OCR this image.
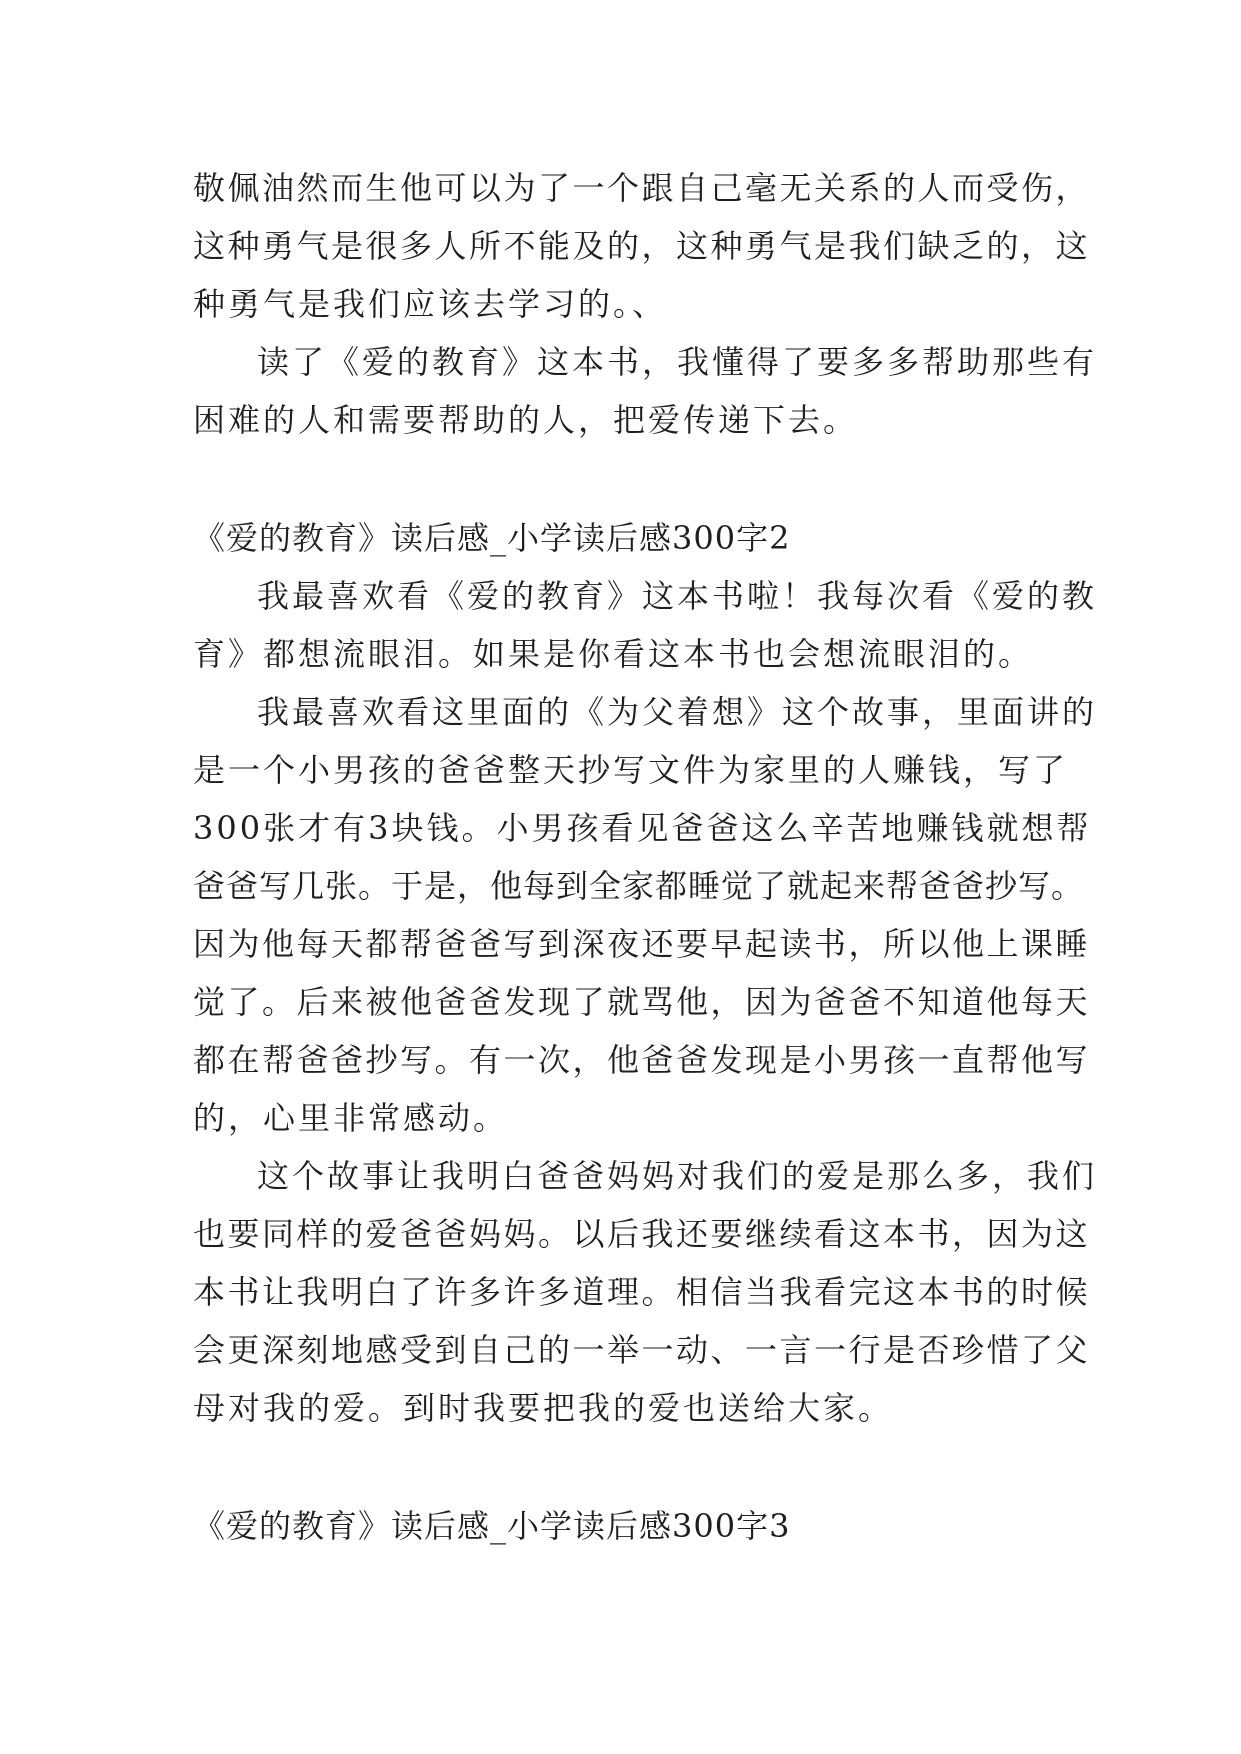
敬佩油然而生他可以为了一个跟自己毫无关系的人而受伤，
这种勇气是很多人所不能及的，这种勇气是我们缺乏的，这
种勇气是我们应该去学习的。、
读了《爱的教育》这本书，我懂得了要多多帮助那些有
困难的人和需要帮助的人，把爱传递下去。
《爱的教育》读后感_小学读后感300字2
我最喜欢看《爱的教育》这本书啦！我每次看《爱的教
育》都想流眼泪。如果是你看这本书也会想流眼泪的。
我最喜欢看这里面的《为父着想》这个故事，里面讲的
是一个小男孩的爸爸整天抄写文件为家里的人赚钱，写了
300张才有3块钱。小男孩看见爸爸这么辛苦地赚钱就想帮
爸爸写几张。于是，他每到全家都睡觉了就起来帮爸爸抄写。
因为他每天都帮爸爸写到深夜还要早起读书，所以他上课睡
觉了。后来被他爸爸发现了就骂他，因为爸爸不知道他每天
都在帮爸爸抄写。有一次，他爸爸发现是小男孩一直帮他写
的，心里非常感动。
这个故事让我明白爸爸妈妈对我们的爱是那么多，我们
也要同样的爱爸爸妈妈。以后我还要继续看这本书，因为这
本书让我明白了许多许多道理。相信当我看完这本书的时候
会更深刻地感受到自己的一举一动、一言一行是否珍惜了父
母对我的爱。到时我要把我的爱也送给大家。
《爱的教育》读后感_小学读后感300字3
